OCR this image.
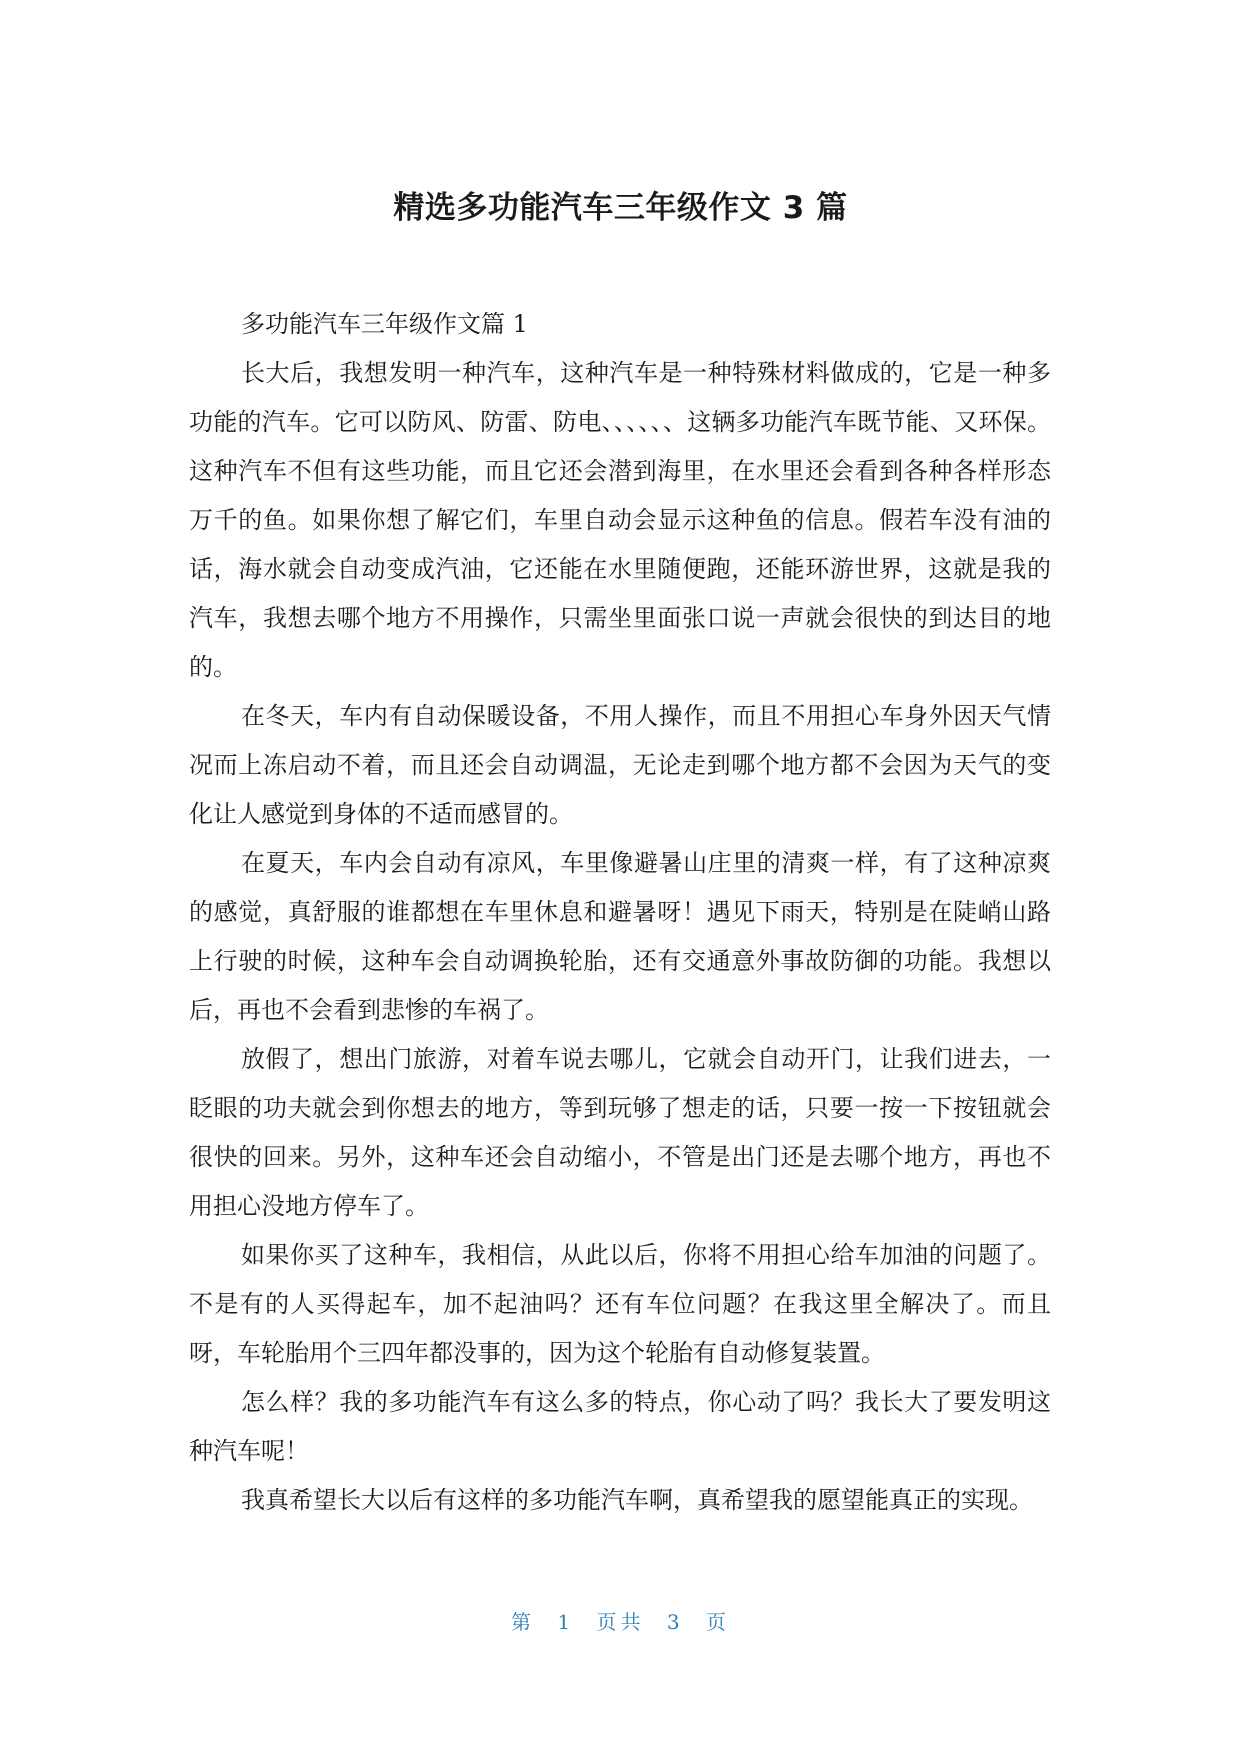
精选多功能汽车三年级作文 3 篇

多功能汽车三年级作文篇 1

长大后，我想发明一种汽车，这种汽车是一种特殊材料做成的，它是一种多功能的汽车。它可以防风、防雷、防电、、、、、、这辆多功能汽车既节能、又环保。这种汽车不但有这些功能，而且它还会潜到海里，在水里还会看到各种各样形态万千的鱼。如果你想了解它们，车里自动会显示这种鱼的信息。假若车没有油的话，海水就会自动变成汽油，它还能在水里随便跑，还能环游世界，这就是我的汽车，我想去哪个地方不用操作，只需坐里面张口说一声就会很快的到达目的地的。

在冬天，车内有自动保暖设备，不用人操作，而且不用担心车身外因天气情况而上冻启动不着，而且还会自动调温，无论走到哪个地方都不会因为天气的变化让人感觉到身体的不适而感冒的。

在夏天，车内会自动有凉风，车里像避暑山庄里的清爽一样，有了这种凉爽的感觉，真舒服的谁都想在车里休息和避暑呀！遇见下雨天，特别是在陡峭山路上行驶的时候，这种车会自动调换轮胎，还有交通意外事故防御的功能。我想以后，再也不会看到悲惨的车祸了。

放假了，想出门旅游，对着车说去哪儿，它就会自动开门，让我们进去，一眨眼的功夫就会到你想去的地方，等到玩够了想走的话，只要一按一下按钮就会很快的回来。另外，这种车还会自动缩小，不管是出门还是去哪个地方，再也不用担心没地方停车了。

如果你买了这种车，我相信，从此以后，你将不用担心给车加油的问题了。不是有的人买得起车，加不起油吗？还有车位问题？在我这里全解决了。而且呀，车轮胎用个三四年都没事的，因为这个轮胎有自动修复装置。

怎么样？我的多功能汽车有这么多的特点，你心动了吗？我长大了要发明这种汽车呢！

我真希望长大以后有这样的多功能汽车啊，真希望我的愿望能真正的实现。

第 1 页共 3 页
